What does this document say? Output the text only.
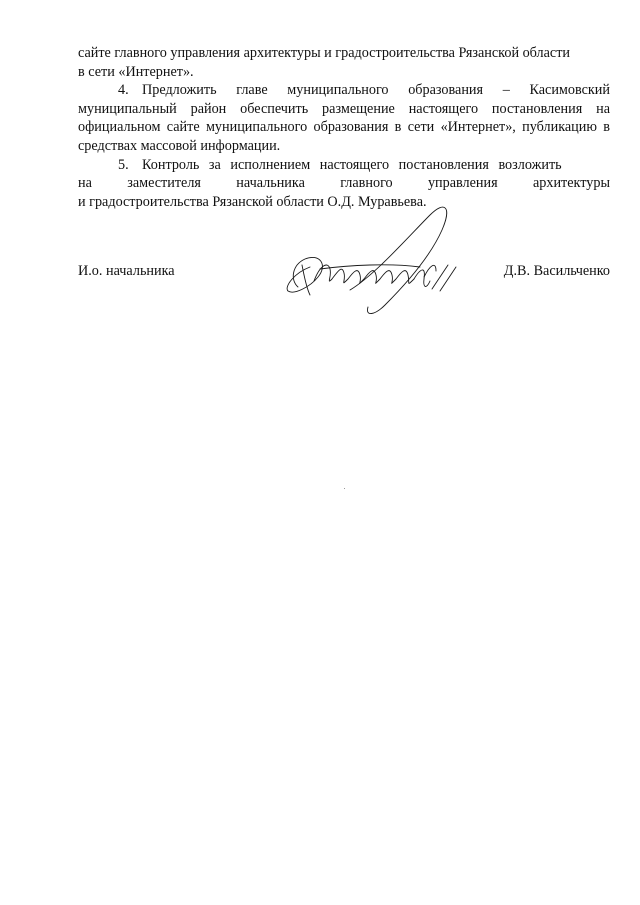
сайте главного управления архитектуры и градостроительства Рязанской области
в сети «Интернет».

4. Предложить главе муниципального образования – Касимовский муниципальный район обеспечить размещение настоящего постановления на официальном сайте муниципального образования в сети «Интернет», публикацию в средствах массовой информации.

5. Контроль за исполнением настоящего постановления возложить

на заместителя начальника главного управления архитектуры
и градостроительства Рязанской области О.Д. Муравьева.
И.о. начальника	Д.В. Васильченко
